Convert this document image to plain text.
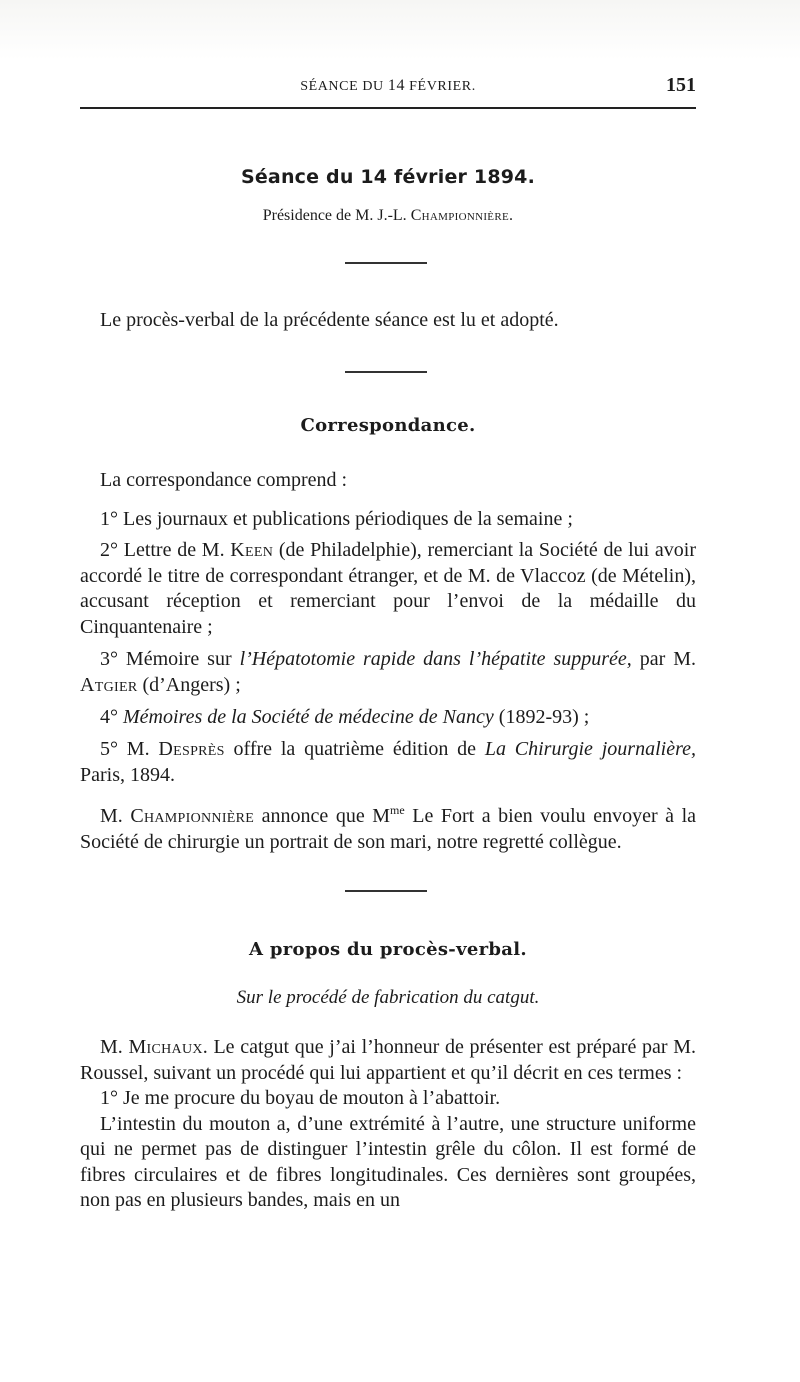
SÉANCE DU 14 FÉVRIER.	151
Séance du 14 février 1894.
Présidence de M. J.-L. Championnière.

Le procès-verbal de la précédente séance est lu et adopté.

Correspondance.

La correspondance comprend :

1° Les journaux et publications périodiques de la semaine ;

2° Lettre de M. Keen (de Philadelphie), remerciant la Société de lui avoir accordé le titre de correspondant étranger, et de M. de Vlaccoz (de Mételin), accusant réception et remerciant pour l’envoi de la médaille du Cinquantenaire ;

3° Mémoire sur l’Hépatotomie rapide dans l’hépatite suppurée, par M. Atgier (d’Angers) ;

4° Mémoires de la Société de médecine de Nancy (1892-93) ;

5° M. Desprès offre la quatrième édition de La Chirurgie journalière, Paris, 1894.

M. Championnière annonce que $M^{me}$ Le Fort a bien voulu envoyer à la Société de chirurgie un portrait de son mari, notre regretté collègue.

A propos du procès-verbal.
Sur le procédé de fabrication du catgut.

M. Michaux. Le catgut que j’ai l’honneur de présenter est préparé par M. Roussel, suivant un procédé qui lui appartient et qu’il décrit en ces termes :

1° Je me procure du boyau de mouton à l’abattoir.

L’intestin du mouton a, d’une extrémité à l’autre, une structure uniforme qui ne permet pas de distinguer l’intestin grêle du côlon. Il est formé de fibres circulaires et de fibres longitudinales. Ces dernières sont groupées, non pas en plusieurs bandes, mais en un
